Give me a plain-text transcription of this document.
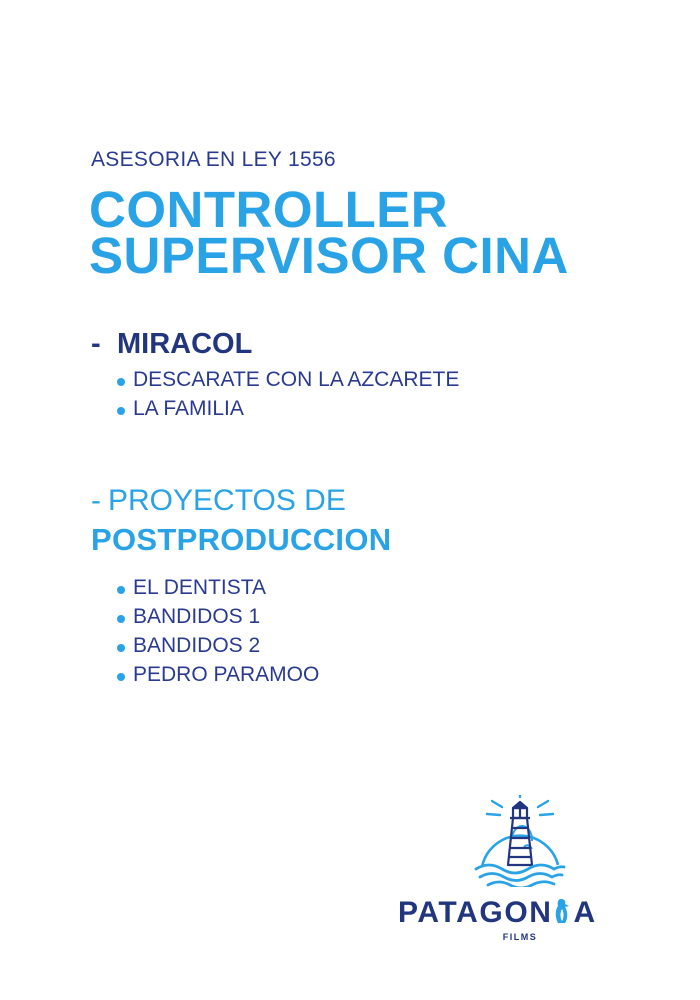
ASESORIA EN LEY 1556
CONTROLLER
SUPERVISOR CINA
- MIRACOL
DESCARATE CON LA AZCARETE
LA FAMILIA
- PROYECTOS DE
POSTPRODUCCION
EL DENTISTA
BANDIDOS 1
BANDIDOS 2
PEDRO PARAMOO
PATAGON A
FILMS
